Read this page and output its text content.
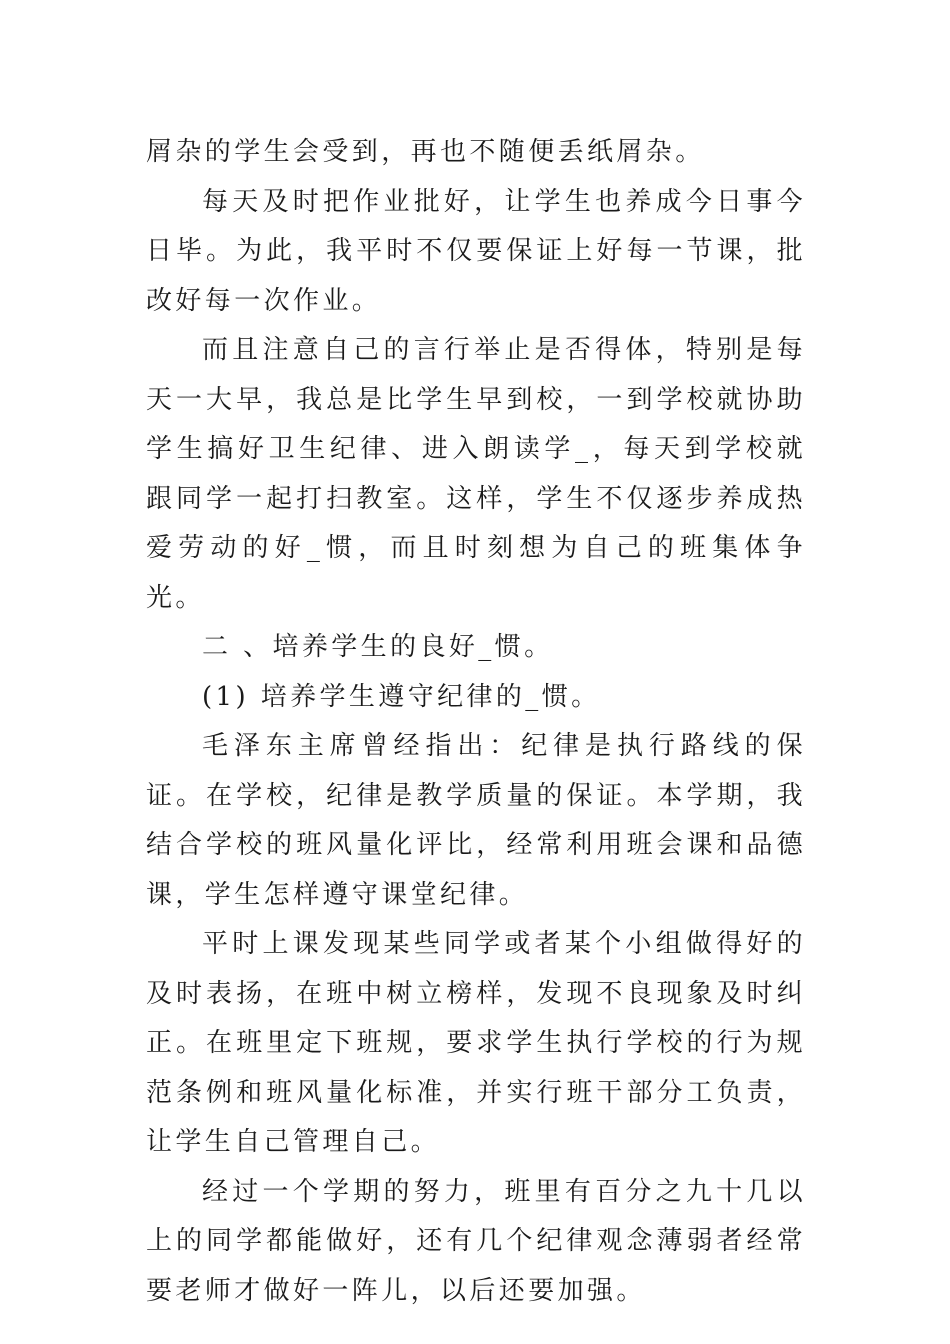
屑杂的学生会受到，再也不随便丢纸屑杂。

每天及时把作业批好，让学生也养成今日事今日毕。为此，我平时不仅要保证上好每一节课，批改好每一次作业。

而且注意自己的言行举止是否得体，特别是每天一大早，我总是比学生早到校，一到学校就协助学生搞好卫生纪律、进入朗读学_，每天到学校就跟同学一起打扫教室。这样，学生不仅逐步养成热爱劳动的好_惯，而且时刻想为自己的班集体争光。

二 、培养学生的良好_惯。

(1) 培养学生遵守纪律的_惯。

毛泽东主席曾经指出：纪律是执行路线的保证。在学校，纪律是教学质量的保证。本学期，我结合学校的班风量化评比，经常利用班会课和品德课，学生怎样遵守课堂纪律。

平时上课发现某些同学或者某个小组做得好的及时表扬，在班中树立榜样，发现不良现象及时纠正。在班里定下班规，要求学生执行学校的行为规范条例和班风量化标准，并实行班干部分工负责，让学生自己管理自己。

经过一个学期的努力，班里有百分之九十几以上的同学都能做好，还有几个纪律观念薄弱者经常要老师才做好一阵儿，以后还要加强。
